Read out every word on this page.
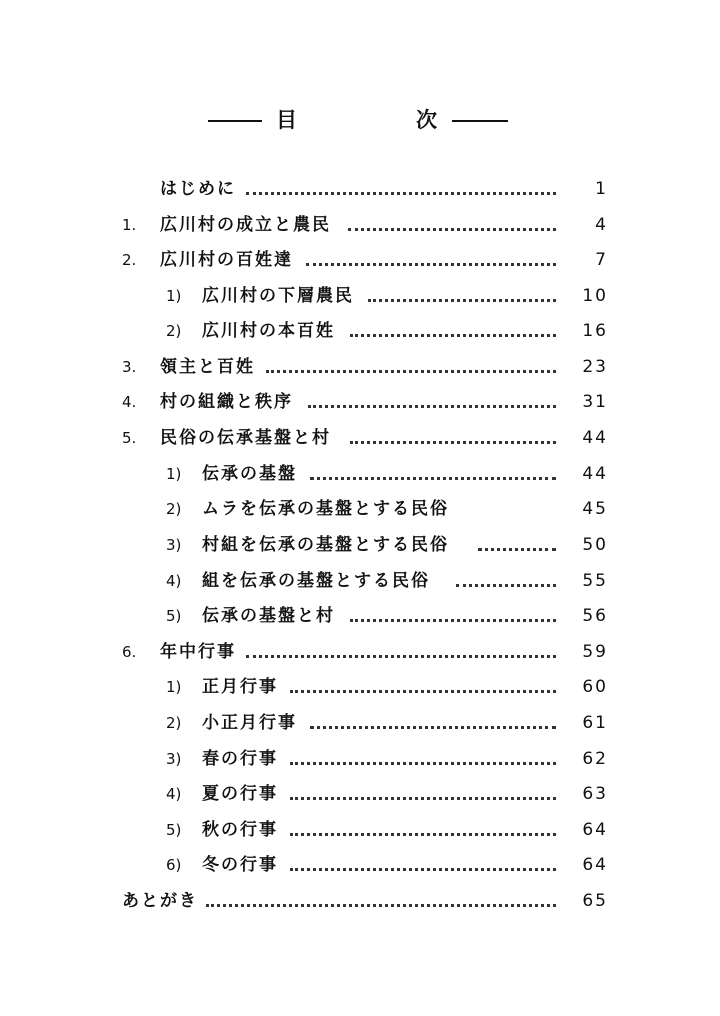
目	次
はじめに	1
1. 広川村の成立と農民	4
2. 広川村の百姓達	7
1) 広川村の下層農民	10
2) 広川村の本百姓	16
3. 領主と百姓	23
4. 村の組織と秩序	31
5. 民俗の伝承基盤と村	44
1) 伝承の基盤	44
2) ムラを伝承の基盤とする民俗	45
3) 村組を伝承の基盤とする民俗	50
4) 組を伝承の基盤とする民俗	55
5) 伝承の基盤と村	56
6. 年中行事	59
1) 正月行事	60
2) 小正月行事	61
3) 春の行事	62
4) 夏の行事	63
5) 秋の行事	64
6) 冬の行事	64
あとがき	65
